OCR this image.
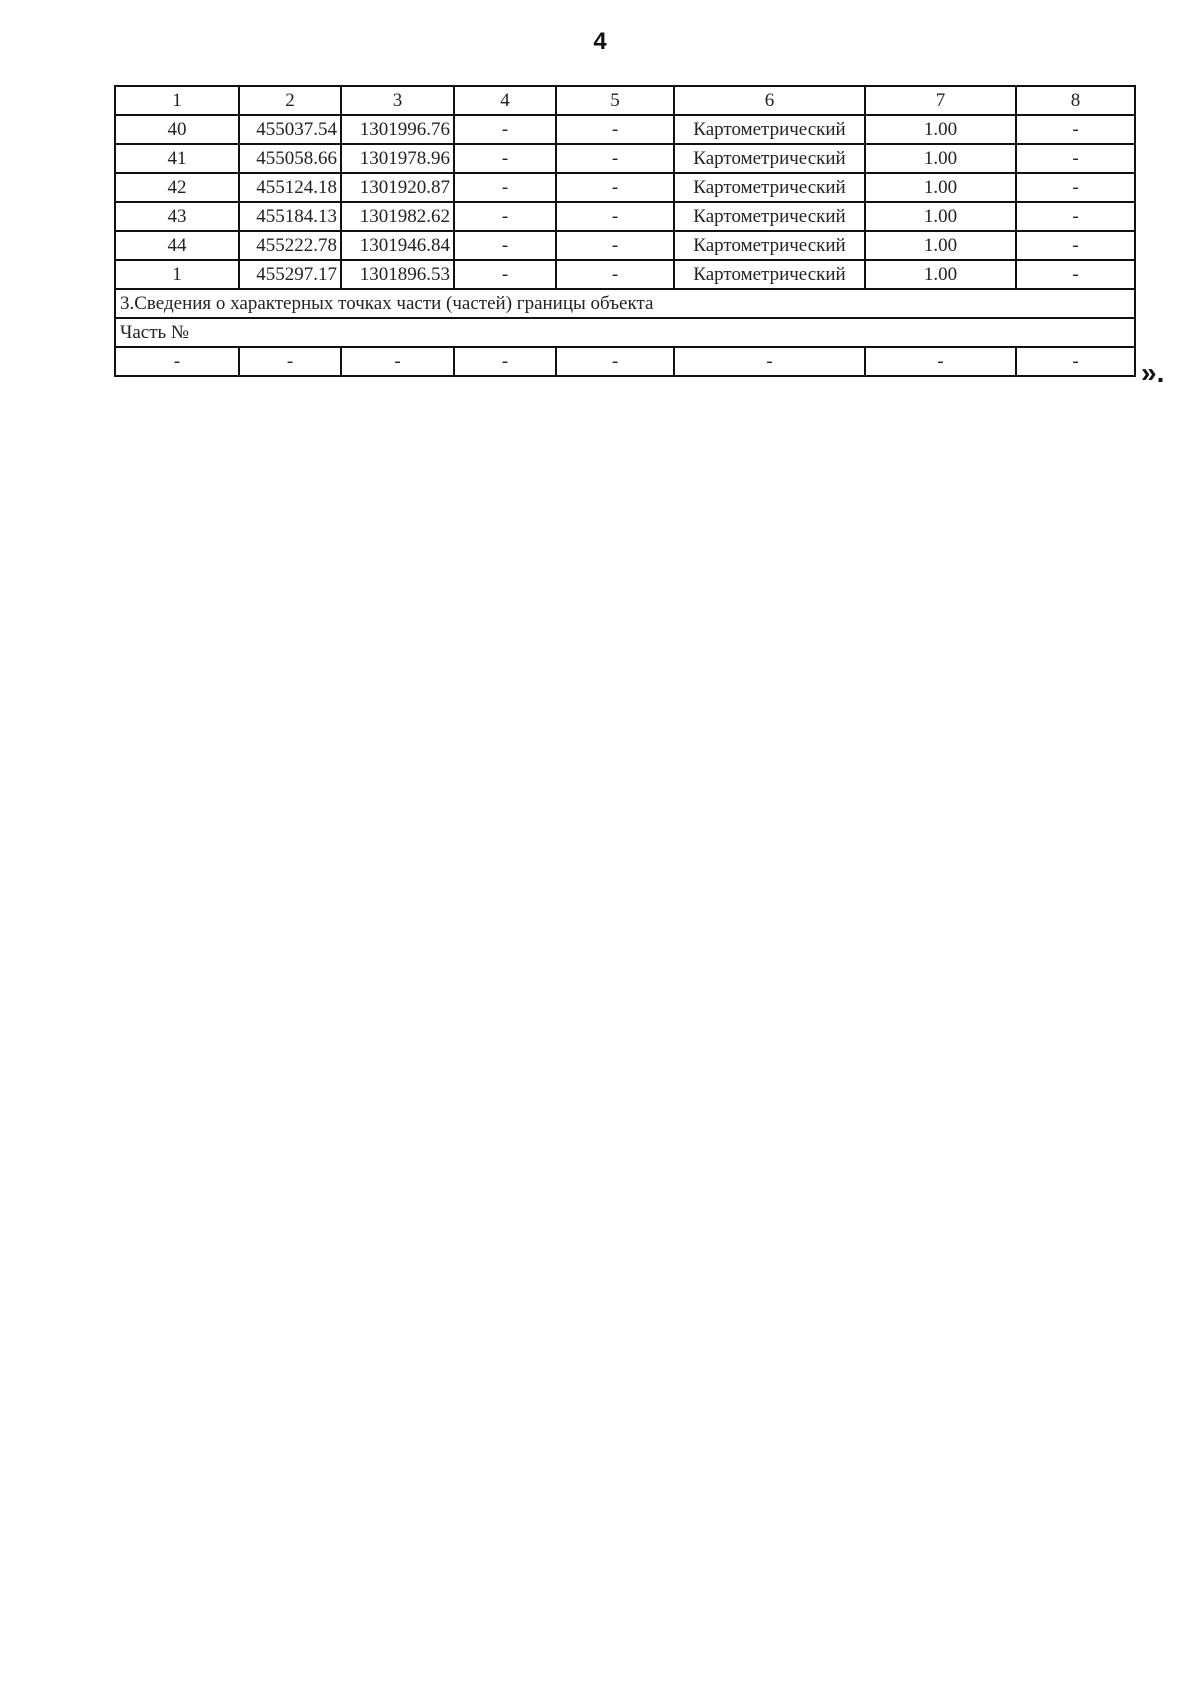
4
1	2	3	4	5	6	7	8
40	455037.54	1301996.76	-	-	Картометрический	1.00	-
41	455058.66	1301978.96	-	-	Картометрический	1.00	-
42	455124.18	1301920.87	-	-	Картометрический	1.00	-
43	455184.13	1301982.62	-	-	Картометрический	1.00	-
44	455222.78	1301946.84	-	-	Картометрический	1.00	-
1	455297.17	1301896.53	-	-	Картометрический	1.00	-
3.Сведения о характерных точках части (частей) границы объекта							
Часть №							
-	-	-	-	-	-	-	- ».
